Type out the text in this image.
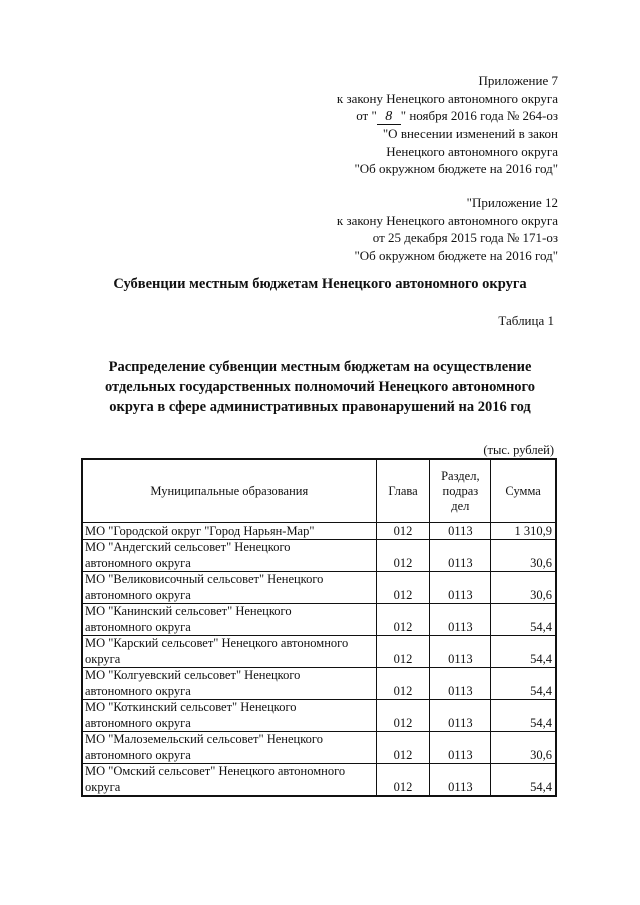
Приложение 7
к закону Ненецкого автономного округа
от " 8 " ноября 2016 года № 264-оз
"О внесении изменений в закон
Ненецкого автономного округа
"Об окружном бюджете на 2016 год"
"Приложение 12
к закону Ненецкого автономного округа
от 25 декабря 2015 года № 171-оз
"Об окружном бюджете на 2016 год"
Субвенции местным бюджетам Ненецкого автономного округа
Таблица 1
Распределение субвенции местным бюджетам на осуществление
отдельных государственных полномочий Ненецкого автономного
округа в сфере административных правонарушений на 2016 год
(тыс. рублей)
Муниципальные образования	Глава	Раздел,
подраз
дел	Сумма

МО "Городской округ "Город Нарьян-Мар"	012	0113	1 310,9

МО "Андегский сельсовет" Ненецкого
автономного округа	012	0113	30,6

МО "Великовисочный сельсовет" Ненецкого
автономного округа	012	0113	30,6

МО "Канинский сельсовет" Ненецкого
автономного округа	012	0113	54,4

МО "Карский сельсовет" Ненецкого автономного
округа	012	0113	54,4

МО "Колгуевский сельсовет" Ненецкого
автономного округа	012	0113	54,4

МО "Коткинский сельсовет" Ненецкого
автономного округа	012	0113	54,4

МО "Малоземельский сельсовет" Ненецкого
автономного округа	012	0113	30,6

МО "Омский сельсовет" Ненецкого автономного
округа	012	0113	54,4
